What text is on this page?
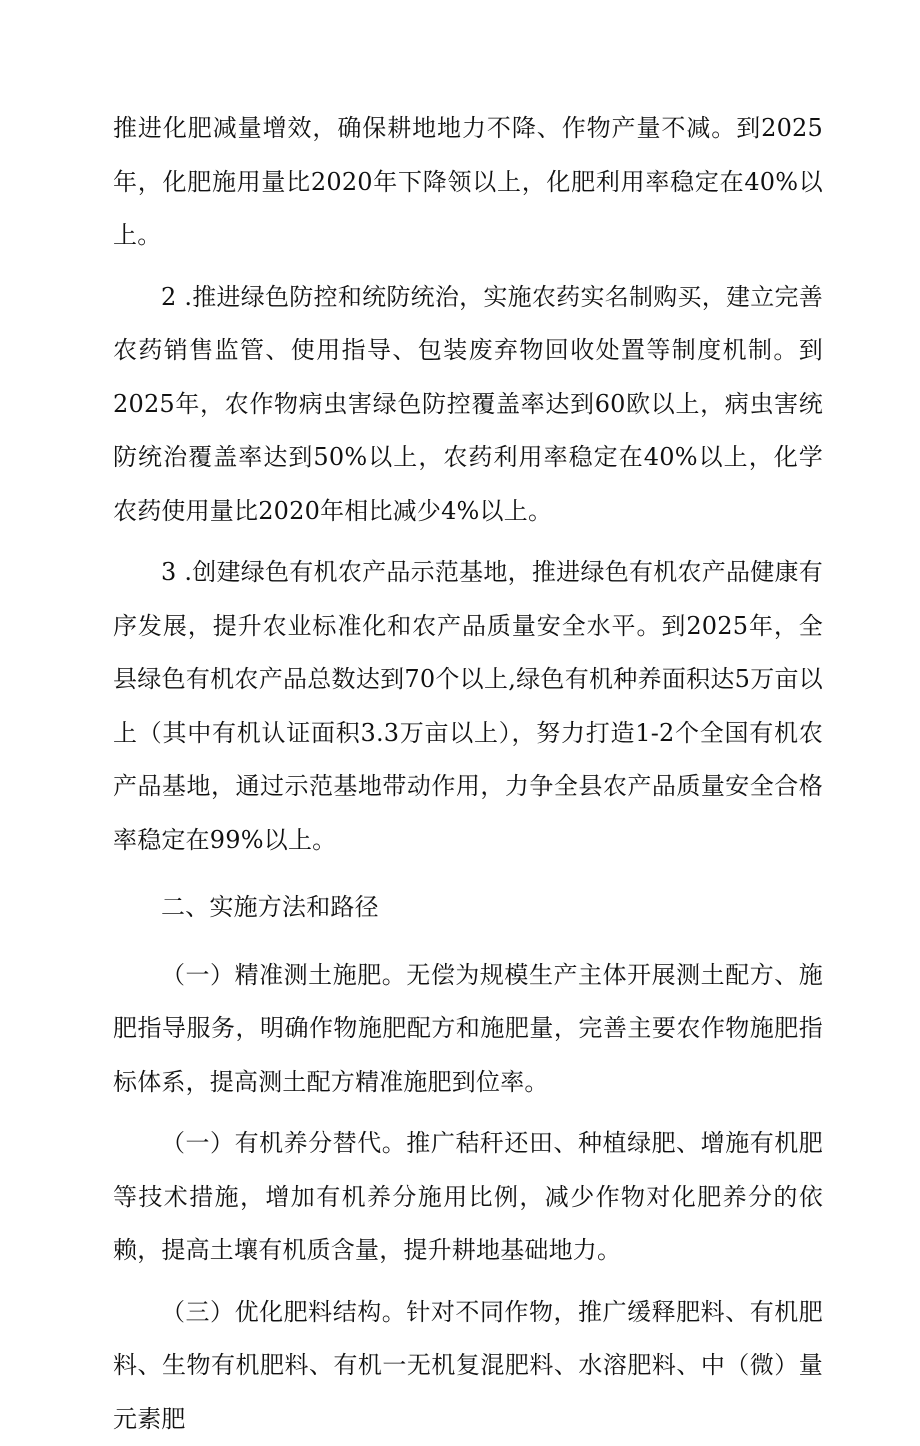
推进化肥减量增效，确保耕地地力不降、作物产量不减。到2025年，化肥施用量比2020年下降领以上，化肥利用率稳定在40%以上。

2 .推进绿色防控和统防统治，实施农药实名制购买，建立完善农药销售监管、使用指导、包装废弃物回收处置等制度机制。到2025年，农作物病虫害绿色防控覆盖率达到60欧以上，病虫害统防统治覆盖率达到50%以上，农药利用率稳定在40%以上，化学农药使用量比2020年相比减少4%以上。

3 .创建绿色有机农产品示范基地，推进绿色有机农产品健康有序发展，提升农业标准化和农产品质量安全水平。到2025年，全县绿色有机农产品总数达到70个以上,绿色有机种养面积达5万亩以上（其中有机认证面积3.3万亩以上），努力打造1-2个全国有机农产品基地，通过示范基地带动作用，力争全县农产品质量安全合格率稳定在99%以上。

二、实施方法和路径

（一）精准测土施肥。无偿为规模生产主体开展测土配方、施肥指导服务，明确作物施肥配方和施肥量，完善主要农作物施肥指标体系，提高测土配方精准施肥到位率。

（一）有机养分替代。推广秸秆还田、种植绿肥、增施有机肥等技术措施，增加有机养分施用比例，减少作物对化肥养分的依赖，提高土壤有机质含量，提升耕地基础地力。

（三）优化肥料结构。针对不同作物，推广缓释肥料、有机肥料、生物有机肥料、有机一无机复混肥料、水溶肥料、中（微）量元素肥
